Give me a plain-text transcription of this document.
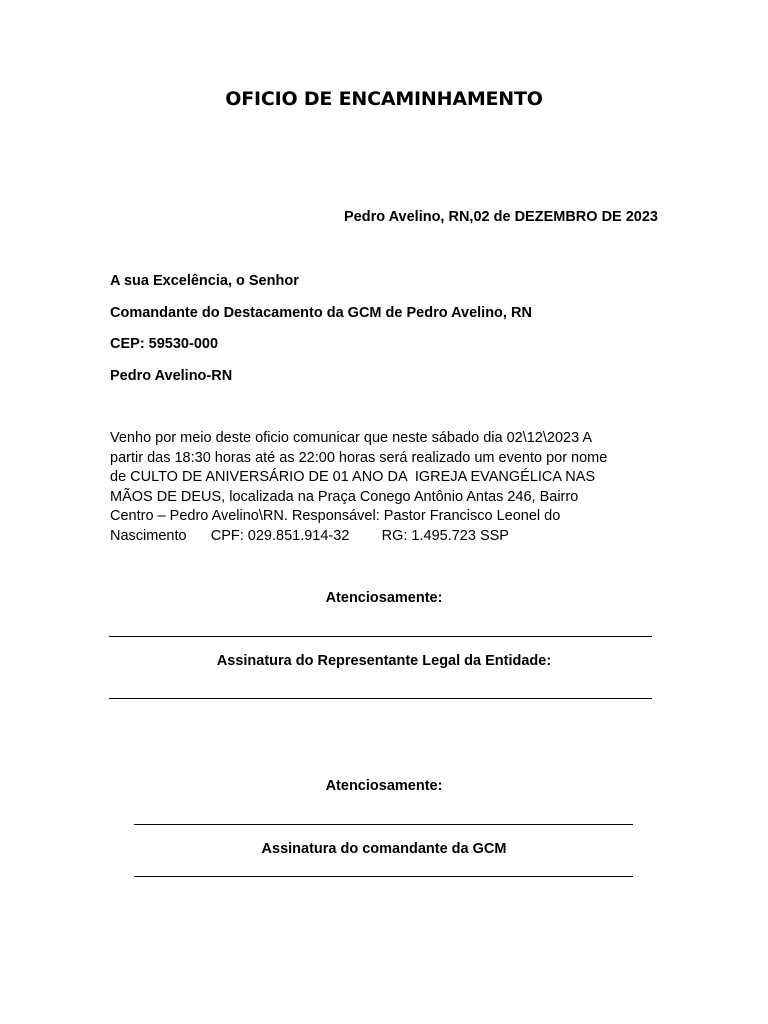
OFICIO DE ENCAMINHAMENTO
Pedro Avelino, RN,02 de DEZEMBRO DE 2023
A sua Excelência, o Senhor
Comandante do Destacamento da GCM de Pedro Avelino, RN
CEP: 59530-000
Pedro Avelino-RN
Venho por meio deste oficio comunicar que neste sábado dia 02\12\2023 A
partir das 18:30 horas até as 22:00 horas será realizado um evento por nome
de CULTO DE ANIVERSÁRIO DE 01 ANO DA  IGREJA EVANGÉLICA NAS
MÃOS DE DEUS, localizada na Praça Conego Antônio Antas 246, Bairro
Centro – Pedro Avelino\RN. Responsável: Pastor Francisco Leonel do
Nascimento      CPF: 029.851.914-32        RG: 1.495.723 SSP
Atenciosamente:
Assinatura do Representante Legal da Entidade:
Atenciosamente:
Assinatura do comandante da GCM
